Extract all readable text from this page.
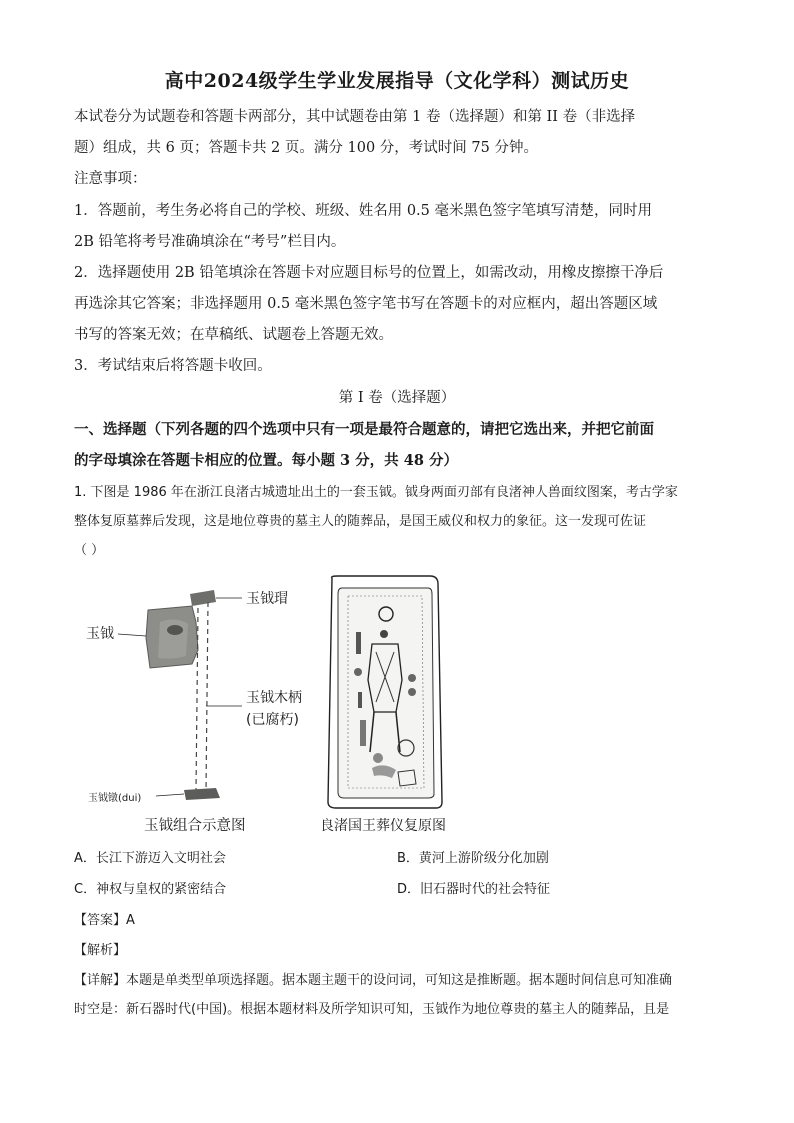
高中2024级学生学业发展指导（文化学科）测试历史
本试卷分为试题卷和答题卡两部分，其中试题卷由第 1 卷（选择题）和第 II 卷（非选择
题）组成，共 6 页；答题卡共 2 页。满分 100 分，考试时间 75 分钟。
注意事项：
1．答题前，考生务必将自己的学校、班级、姓名用 0.5 毫米黑色签字笔填写清楚，同时用
2B 铅笔将考号准确填涂在“考号”栏目内。
2．选择题使用 2B 铅笔填涂在答题卡对应题目标号的位置上，如需改动，用橡皮擦擦干净后
再选涂其它答案；非选择题用 0.5 毫米黑色签字笔书写在答题卡的对应框内，超出答题区域
书写的答案无效；在草稿纸、试题卷上答题无效。
3．考试结束后将答题卡收回。
第 I 卷（选择题）
一、选择题（下列各题的四个选项中只有一项是最符合题意的，请把它选出来，并把它前面
的字母填涂在答题卡相应的位置。每小题 3 分，共 48 分）
1. 下图是 1986 年在浙江良渚古城遗址出土的一套玉钺。钺身两面刃部有良渚神人兽面纹图案，考古学家
整体复原墓葬后发现，这是地位尊贵的墓主人的随葬品，是国王威仪和权力的象征。这一发现可佐证
（ ）
玉钺
玉钺瑁
玉钺木柄
(已腐朽)
玉钺镦(dui)
玉钺组合示意图	良渚国王葬仪复原图
A．长江下游迈入文明社会	B．黄河上游阶级分化加剧
C．神权与皇权的紧密结合	D．旧石器时代的社会特征
【答案】A
【解析】
【详解】本题是单类型单项选择题。据本题主题干的设问词，可知这是推断题。据本题时间信息可知准确
时空是：新石器时代(中国)。根据本题材料及所学知识可知，玉钺作为地位尊贵的墓主人的随葬品，且是
